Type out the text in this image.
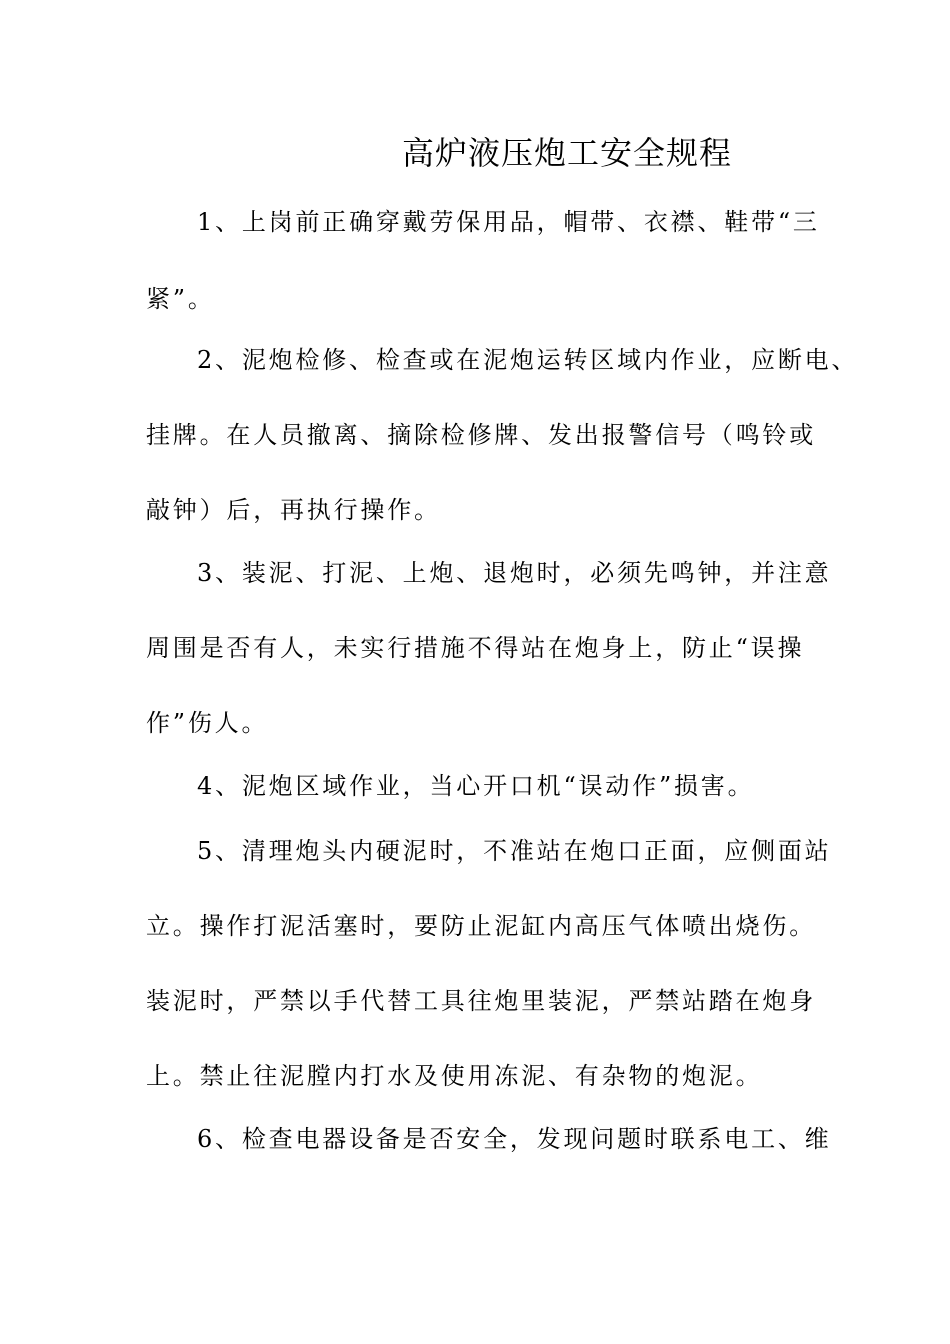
高炉液压炮工安全规程
1、上岗前正确穿戴劳保用品，帽带、衣襟、鞋带“三
紧”。
2、泥炮检修、检查或在泥炮运转区域内作业，应断电、
挂牌。在人员撤离、摘除检修牌、发出报警信号（鸣铃或
敲钟）后，再执行操作。
3、装泥、打泥、上炮、退炮时，必须先鸣钟，并注意
周围是否有人，未实行措施不得站在炮身上，防止“误操
作”伤人。
4、泥炮区域作业，当心开口机“误动作”损害。
5、清理炮头内硬泥时，不准站在炮口正面，应侧面站
立。操作打泥活塞时，要防止泥缸内高压气体喷出烧伤。
装泥时，严禁以手代替工具往炮里装泥，严禁站踏在炮身
上。禁止往泥膛内打水及使用冻泥、有杂物的炮泥。
6、检查电器设备是否安全，发现问题时联系电工、维
